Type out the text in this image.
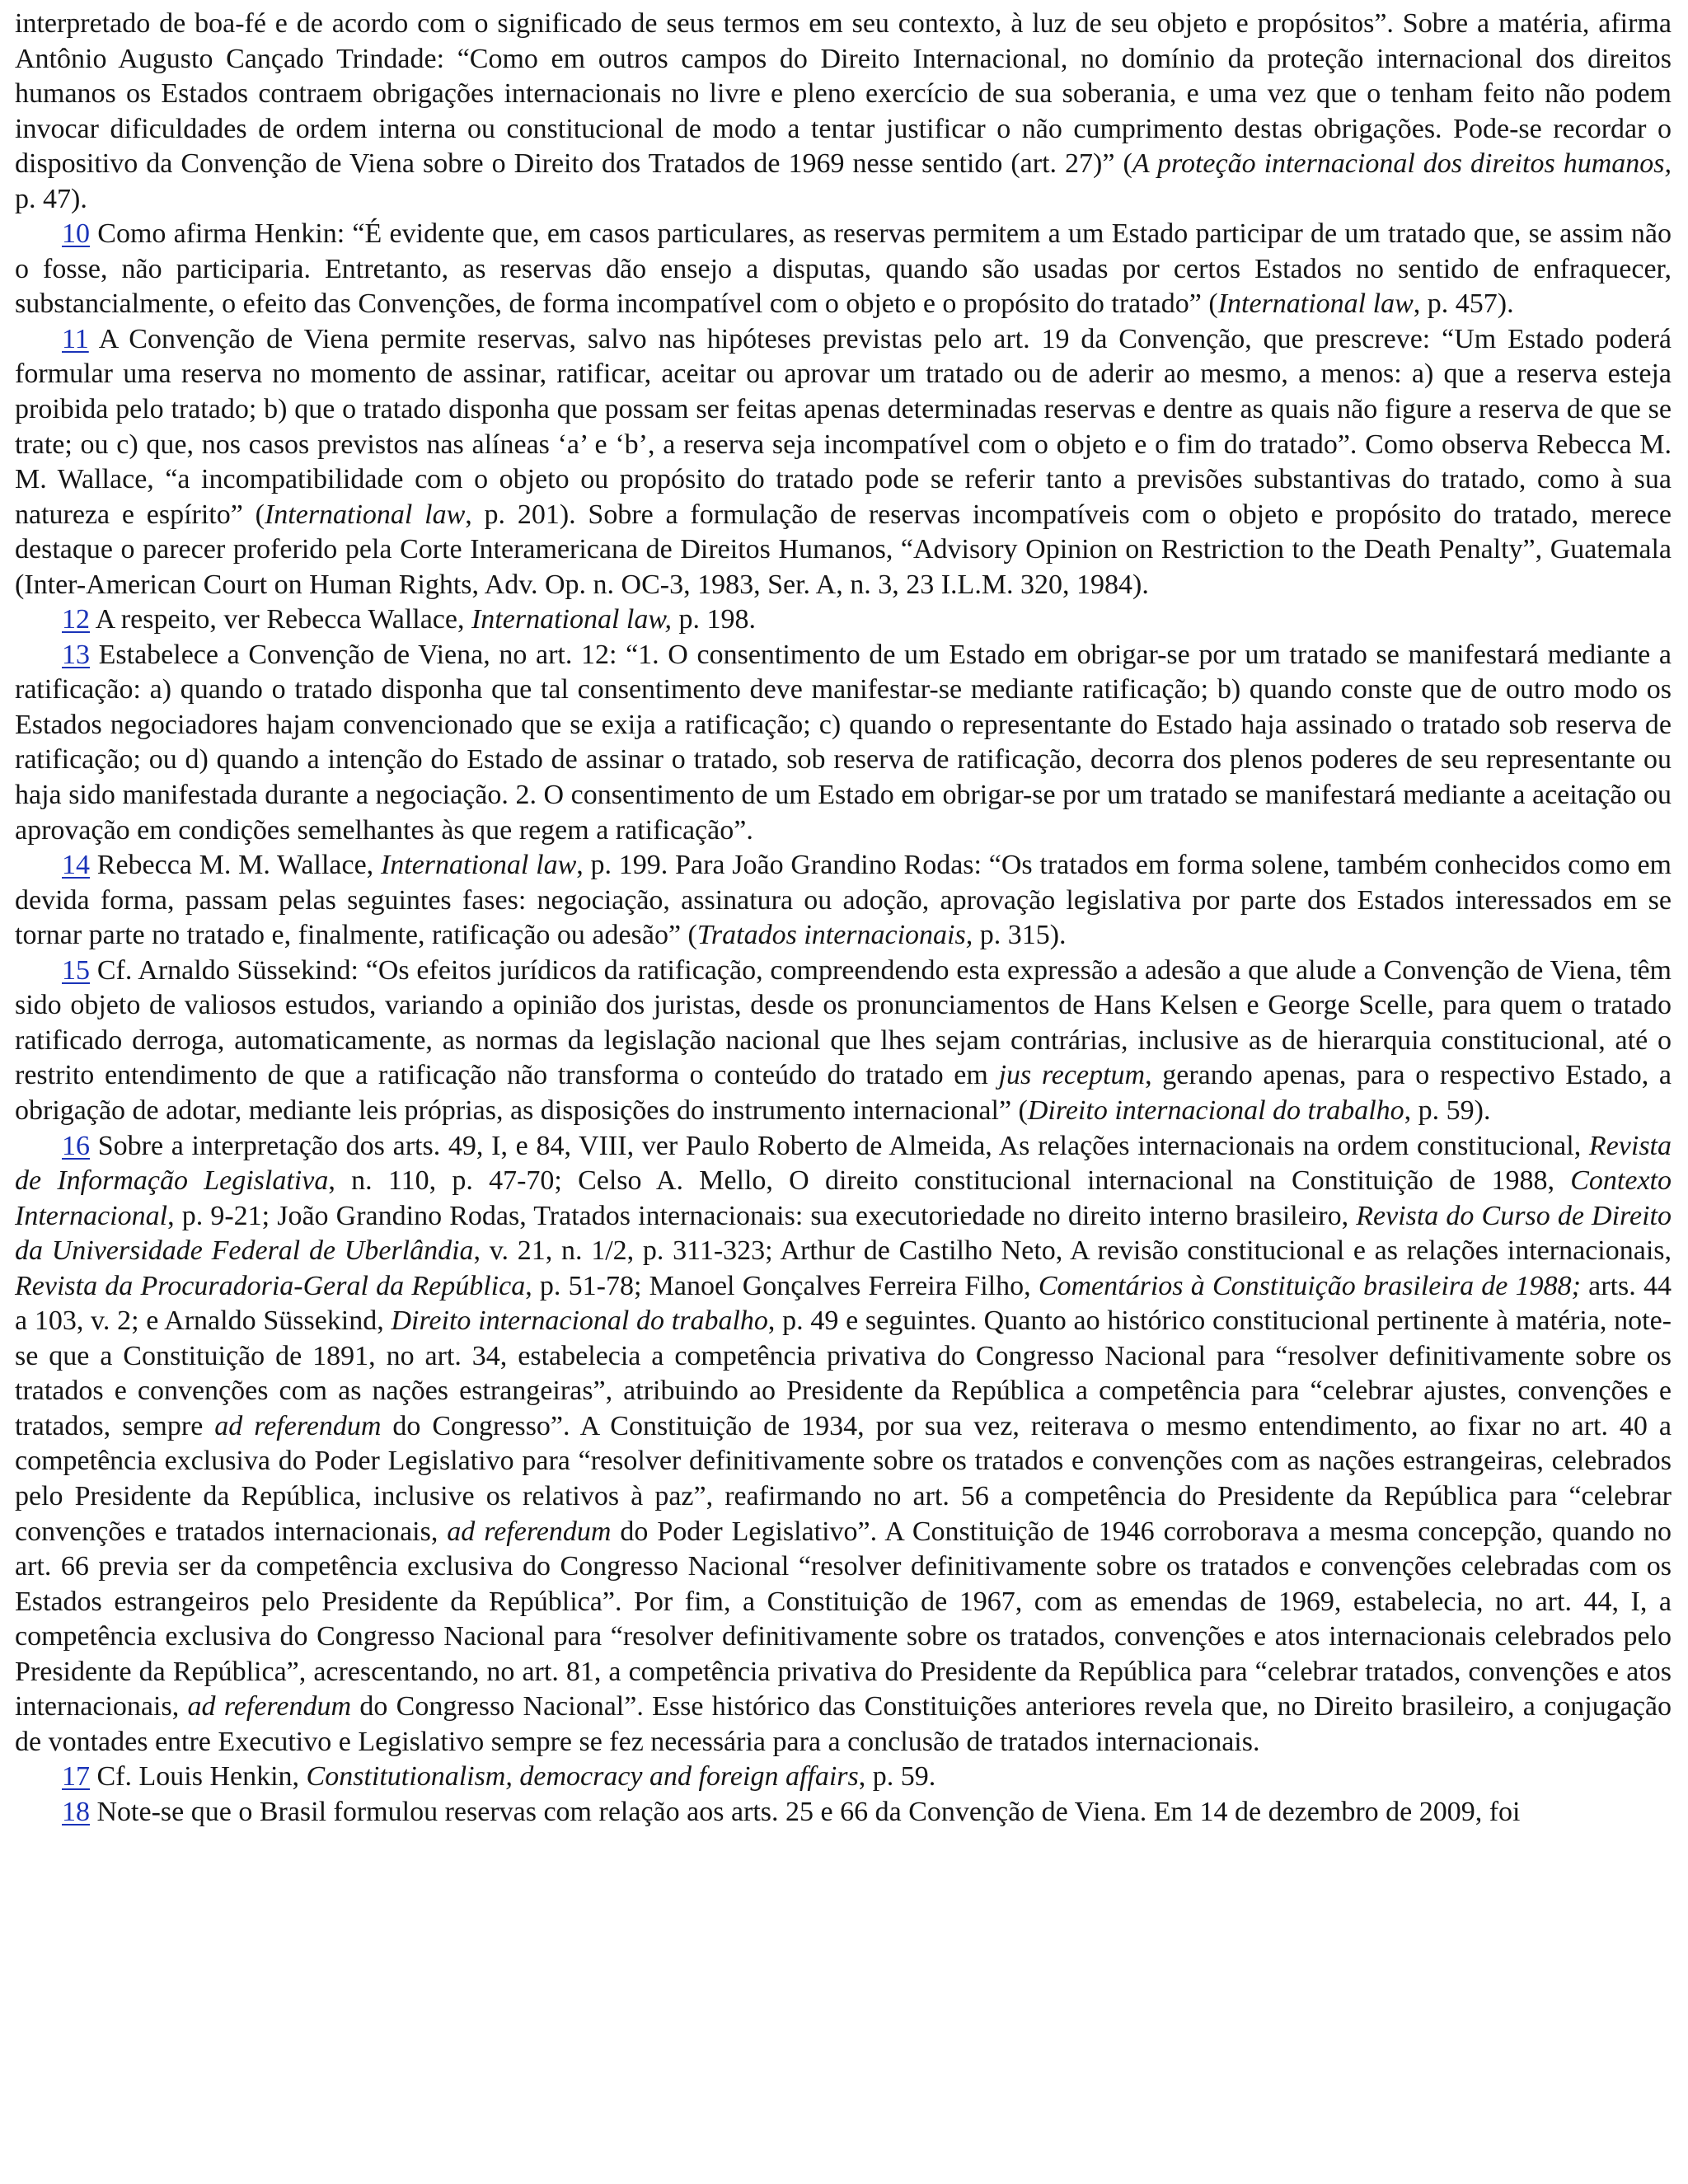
interpretado de boa-fé e de acordo com o significado de seus termos em seu contexto, à luz de seu objeto e propósitos”. Sobre a matéria, afirma Antônio Augusto Cançado Trindade: “Como em outros campos do Direito Internacional, no domínio da proteção internacional dos direitos humanos os Estados contraem obrigações internacionais no livre e pleno exercício de sua soberania, e uma vez que o tenham feito não podem invocar dificuldades de ordem interna ou constitucional de modo a tentar justificar o não cumprimento destas obrigações. Pode-se recordar o dispositivo da Convenção de Viena sobre o Direito dos Tratados de 1969 nesse sentido (art. 27)” (A proteção internacional dos direitos humanos, p. 47).

10 Como afirma Henkin: “É evidente que, em casos particulares, as reservas permitem a um Estado participar de um tratado que, se assim não o fosse, não participaria. Entretanto, as reservas dão ensejo a disputas, quando são usadas por certos Estados no sentido de enfraquecer, substancialmente, o efeito das Convenções, de forma incompatível com o objeto e o propósito do tratado” (International law, p. 457).

11 A Convenção de Viena permite reservas, salvo nas hipóteses previstas pelo art. 19 da Convenção, que prescreve: “Um Estado poderá formular uma reserva no momento de assinar, ratificar, aceitar ou aprovar um tratado ou de aderir ao mesmo, a menos: a) que a reserva esteja proibida pelo tratado; b) que o tratado disponha que possam ser feitas apenas determinadas reservas e dentre as quais não figure a reserva de que se trate; ou c) que, nos casos previstos nas alíneas ‘a’ e ‘b’, a reserva seja incompatível com o objeto e o fim do tratado”. Como observa Rebecca M. M. Wallace, “a incompatibilidade com o objeto ou propósito do tratado pode se referir tanto a previsões substantivas do tratado, como à sua natureza e espírito” (International law, p. 201). Sobre a formulação de reservas incompatíveis com o objeto e propósito do tratado, merece destaque o parecer proferido pela Corte Interamericana de Direitos Humanos, “Advisory Opinion on Restriction to the Death Penalty”, Guatemala (Inter-American Court on Human Rights, Adv. Op. n. OC-3, 1983, Ser. A, n. 3, 23 I.L.M. 320, 1984).

12 A respeito, ver Rebecca Wallace, International law, p. 198.

13 Estabelece a Convenção de Viena, no art. 12: “1. O consentimento de um Estado em obrigar-se por um tratado se manifestará mediante a ratificação: a) quando o tratado disponha que tal consentimento deve manifestar-se mediante ratificação; b) quando conste que de outro modo os Estados negociadores hajam convencionado que se exija a ratificação; c) quando o representante do Estado haja assinado o tratado sob reserva de ratificação; ou d) quando a intenção do Estado de assinar o tratado, sob reserva de ratificação, decorra dos plenos poderes de seu representante ou haja sido manifestada durante a negociação. 2. O consentimento de um Estado em obrigar-se por um tratado se manifestará mediante a aceitação ou aprovação em condições semelhantes às que regem a ratificação”.

14 Rebecca M. M. Wallace, International law, p. 199. Para João Grandino Rodas: “Os tratados em forma solene, também conhecidos como em devida forma, passam pelas seguintes fases: negociação, assinatura ou adoção, aprovação legislativa por parte dos Estados interessados em se tornar parte no tratado e, finalmente, ratificação ou adesão” (Tratados internacionais, p. 315).

15 Cf. Arnaldo Süssekind: “Os efeitos jurídicos da ratificação, compreendendo esta expressão a adesão a que alude a Convenção de Viena, têm sido objeto de valiosos estudos, variando a opinião dos juristas, desde os pronunciamentos de Hans Kelsen e George Scelle, para quem o tratado ratificado derroga, automaticamente, as normas da legislação nacional que lhes sejam contrárias, inclusive as de hierarquia constitucional, até o restrito entendimento de que a ratificação não transforma o conteúdo do tratado em jus receptum, gerando apenas, para o respectivo Estado, a obrigação de adotar, mediante leis próprias, as disposições do instrumento internacional” (Direito internacional do trabalho, p. 59).

16 Sobre a interpretação dos arts. 49, I, e 84, VIII, ver Paulo Roberto de Almeida, As relações internacionais na ordem constitucional, Revista de Informação Legislativa, n. 110, p. 47-70; Celso A. Mello, O direito constitucional internacional na Constituição de 1988, Contexto Internacional, p. 9-21; João Grandino Rodas, Tratados internacionais: sua executoriedade no direito interno brasileiro, Revista do Curso de Direito da Universidade Federal de Uberlândia, v. 21, n. 1/2, p. 311-323; Arthur de Castilho Neto, A revisão constitucional e as relações internacionais, Revista da Procuradoria-Geral da República, p. 51-78; Manoel Gonçalves Ferreira Filho, Comentários à Constituição brasileira de 1988; arts. 44 a 103, v. 2; e Arnaldo Süssekind, Direito internacional do trabalho, p. 49 e seguintes. Quanto ao histórico constitucional pertinente à matéria, note-se que a Constituição de 1891, no art. 34, estabelecia a competência privativa do Congresso Nacional para “resolver definitivamente sobre os tratados e convenções com as nações estrangeiras”, atribuindo ao Presidente da República a competência para “celebrar ajustes, convenções e tratados, sempre ad referendum do Congresso”. A Constituição de 1934, por sua vez, reiterava o mesmo entendimento, ao fixar no art. 40 a competência exclusiva do Poder Legislativo para “resolver definitivamente sobre os tratados e convenções com as nações estrangeiras, celebrados pelo Presidente da República, inclusive os relativos à paz”, reafirmando no art. 56 a competência do Presidente da República para “celebrar convenções e tratados internacionais, ad referendum do Poder Legislativo”. A Constituição de 1946 corroborava a mesma concepção, quando no art. 66 previa ser da competência exclusiva do Congresso Nacional “resolver definitivamente sobre os tratados e convenções celebradas com os Estados estrangeiros pelo Presidente da República”. Por fim, a Constituição de 1967, com as emendas de 1969, estabelecia, no art. 44, I, a competência exclusiva do Congresso Nacional para “resolver definitivamente sobre os tratados, convenções e atos internacionais celebrados pelo Presidente da República”, acrescentando, no art. 81, a competência privativa do Presidente da República para “celebrar tratados, convenções e atos internacionais, ad referendum do Congresso Nacional”. Esse histórico das Constituições anteriores revela que, no Direito brasileiro, a conjugação de vontades entre Executivo e Legislativo sempre se fez necessária para a conclusão de tratados internacionais.

17 Cf. Louis Henkin, Constitutionalism, democracy and foreign affairs, p. 59.

18 Note-se que o Brasil formulou reservas com relação aos arts. 25 e 66 da Convenção de Viena. Em 14 de dezembro de 2009, foi
